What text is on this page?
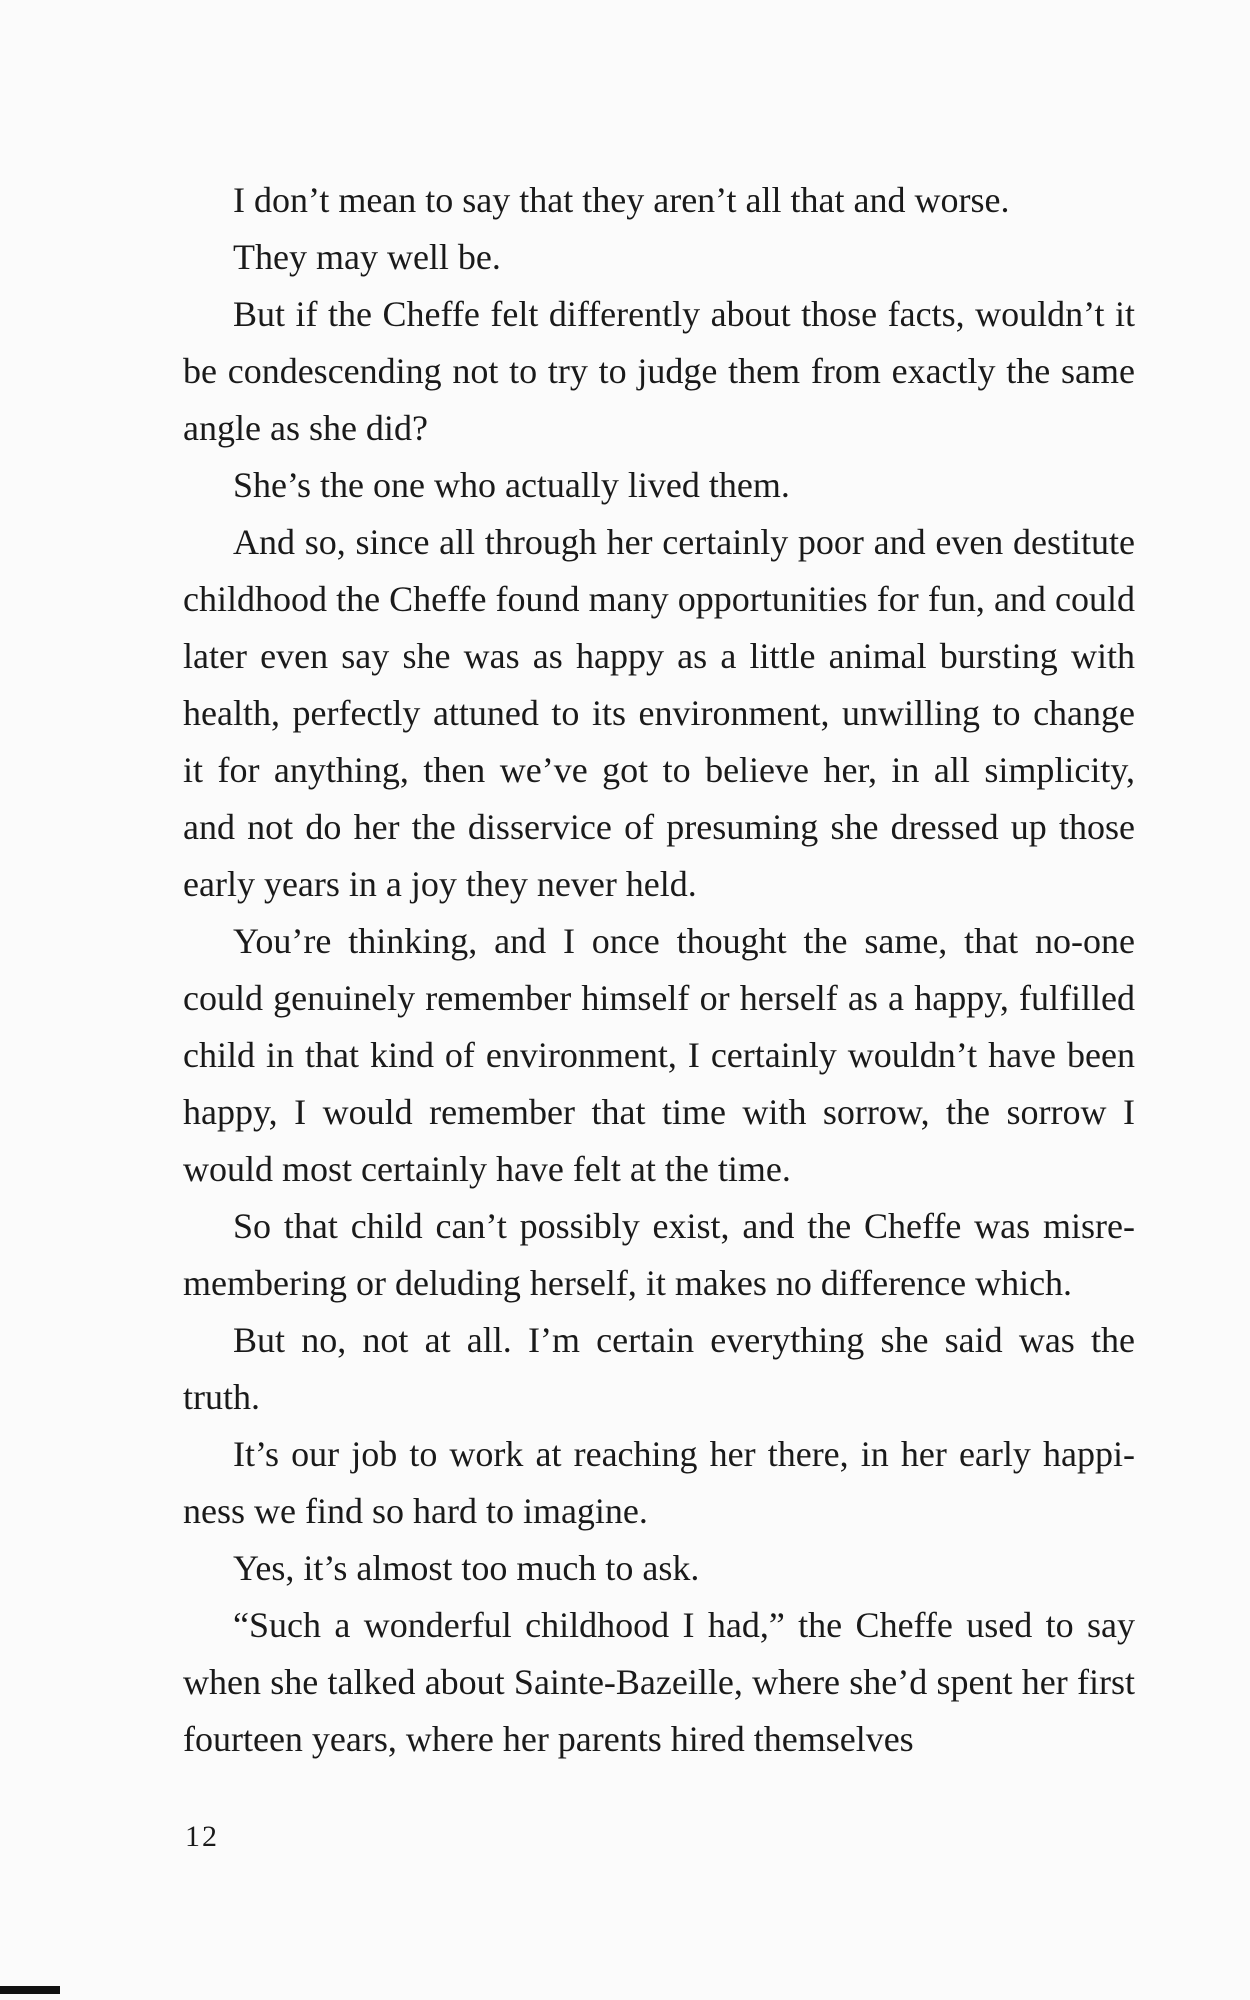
I don’t mean to say that they aren’t all that and worse.

They may well be.

But if the Cheffe felt differently about those facts, wouldn’t it be condescending not to try to judge them from exactly the same angle as she did?

She’s the one who actually lived them.

And so, since all through her certainly poor and even destitute childhood the Cheffe found many opportunities for fun, and could later even say she was as happy as a little animal bursting with health, perfectly attuned to its environment, unwilling to change it for anything, then we’ve got to believe her, in all simplicity, and not do her the disservice of presuming she dressed up those early years in a joy they never held.

You’re thinking, and I once thought the same, that no-one could genuinely remember himself or herself as a happy, fulfilled child in that kind of environment, I certainly wouldn’t have been happy, I would remember that time with sorrow, the sorrow I would most certainly have felt at the time.

So that child can’t possibly exist, and the Cheffe was misremembering or deluding herself, it makes no difference which.

But no, not at all. I’m certain everything she said was the truth.

It’s our job to work at reaching her there, in her early happiness we find so hard to imagine.

Yes, it’s almost too much to ask.

“Such a wonderful childhood I had,” the Cheffe used to say when she talked about Sainte-Bazeille, where she’d spent her first fourteen years, where her parents hired themselves

12
